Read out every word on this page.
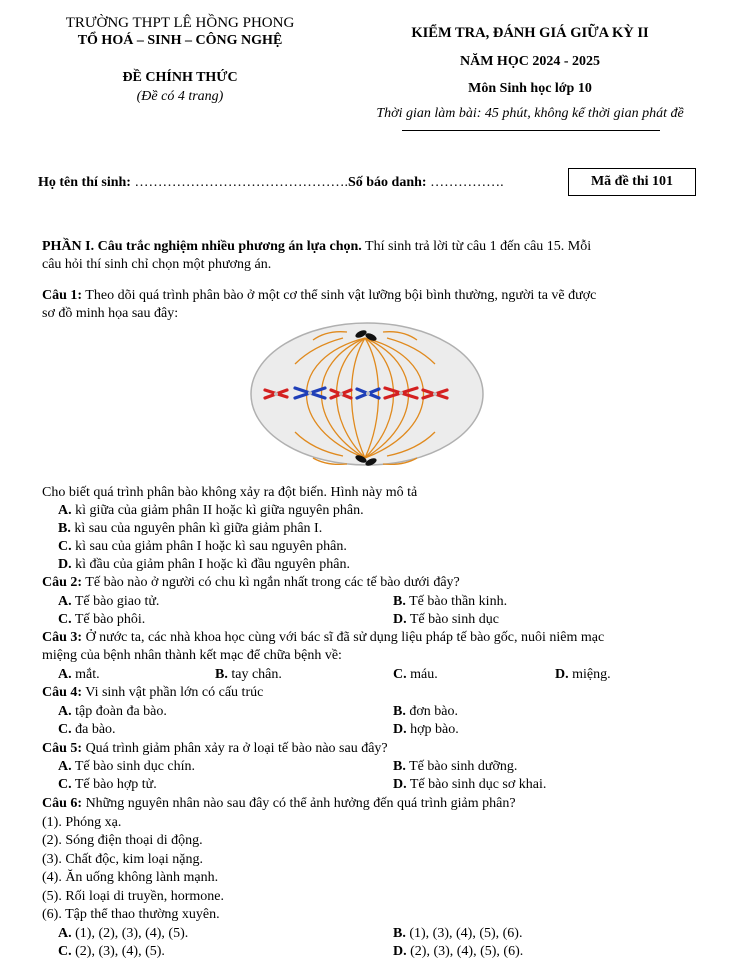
TRƯỜNG THPT LÊ HỒNG PHONG
TỔ HOÁ – SINH – CÔNG NGHỆ
ĐỀ CHÍNH THỨC
(Đề có 4 trang)
KIỂM TRA, ĐÁNH GIÁ GIỮA KỲ II
NĂM HỌC 2024 - 2025
Môn Sinh học lớp 10
Thời gian làm bài: 45 phút, không kể thời gian phát đề
Họ tên thí sinh: ……………………………………….Số báo danh: …………….	Mã đề thi 101
PHẦN I. Câu trắc nghiệm nhiều phương án lựa chọn. Thí sinh trả lời từ câu 1 đến câu 15. Mỗi
câu hỏi thí sinh chỉ chọn một phương án.
Câu 1: Theo dõi quá trình phân bào ở một cơ thể sinh vật lưỡng bội bình thường, người ta vẽ được
sơ đồ minh họa sau đây:
Cho biết quá trình phân bào không xảy ra đột biến. Hình này mô tả
A. kì giữa của giảm phân II hoặc kì giữa nguyên phân.
B. kì sau của nguyên phân kì giữa giảm phân I.
C. kì sau của giảm phân I hoặc kì sau nguyên phân.
D. kì đầu của giảm phân I hoặc kì đầu nguyên phân.
Câu 2: Tế bào nào ở người có chu kì ngắn nhất trong các tế bào dưới đây?
A. Tế bào giao tử.	B. Tế bào thần kinh.
C. Tế bào phôi.	D. Tế bào sinh dục
Câu 3: Ở nước ta, các nhà khoa học cùng với bác sĩ đã sử dụng liệu pháp tế bào gốc, nuôi niêm mạc
miệng của bệnh nhân thành kết mạc để chữa bệnh về:
A. mắt.	B. tay chân.	C. máu.	D. miệng.
Câu 4: Vi sinh vật phần lớn có cấu trúc
A. tập đoàn đa bào.	B. đơn bào.
C. đa bào.	D. hợp bào.
Câu 5: Quá trình giảm phân xảy ra ở loại tế bào nào sau đây?
A. Tế bào sinh dục chín.	B. Tế bào sinh dưỡng.
C. Tế bào hợp tử.	D. Tế bào sinh dục sơ khai.
Câu 6: Những nguyên nhân nào sau đây có thể ảnh hưởng đến quá trình giảm phân?
(1). Phóng xạ.
(2). Sóng điện thoại di động.
(3). Chất độc, kim loại nặng.
(4). Ăn uống không lành mạnh.
(5). Rối loại di truyền, hormone.
(6). Tập thể thao thường xuyên.
A. (1), (2), (3), (4), (5).	B. (1), (3), (4), (5), (6).
C. (2), (3), (4), (5).	D. (2), (3), (4), (5), (6).
